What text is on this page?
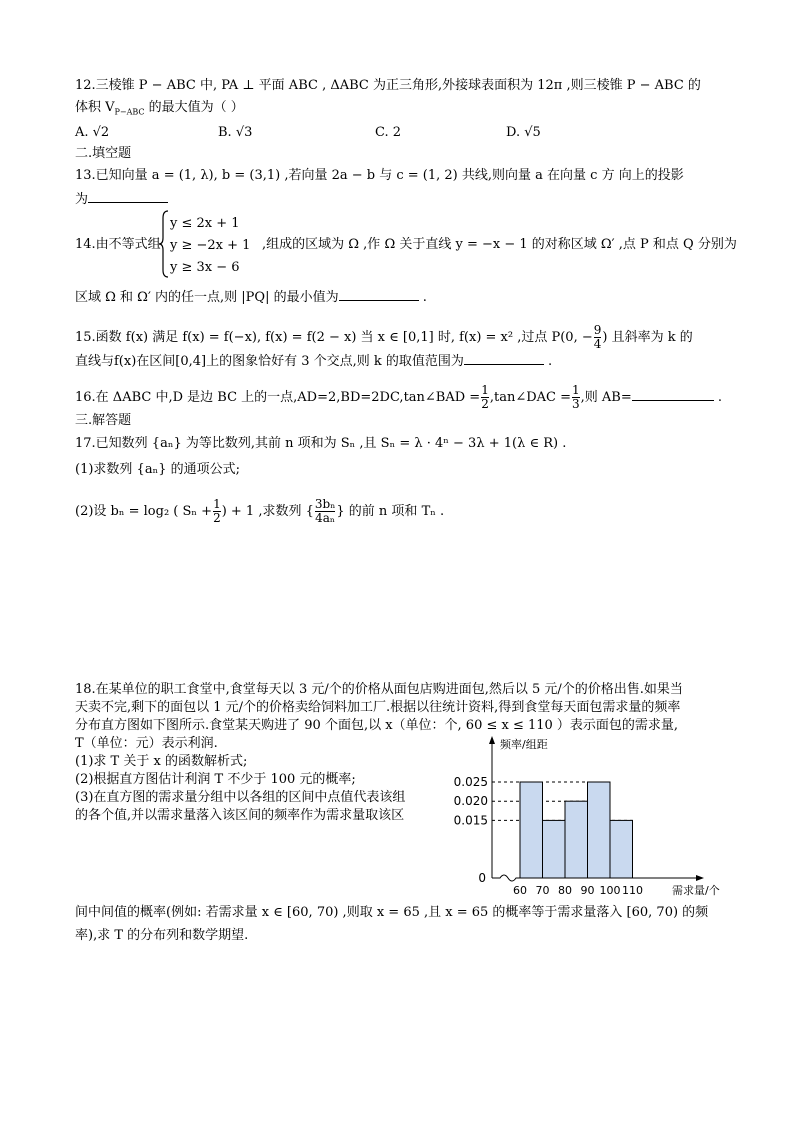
12.三棱锥 P − ABC 中, PA ⊥ 平面 ABC , ΔABC 为正三角形,外接球表面积为 12π ,则三棱锥 P − ABC 的
体积 $V_{P-ABC}$ 的最大值为（ ）
A. √2	B. √3	C. 2	D. √5
二.填空题
13.已知向量 a = (1, λ), b = (3,1) ,若向量 2a − b 与 c = (1, 2) 共线,则向量 a 在向量 c 方 向上的投影
为
14.由不等式组
y ≤ 2x + 1
y ≥ −2x + 1
y ≥ 3x − 6
,组成的区域为 Ω ,作 Ω 关于直线 y = −x − 1 的对称区域 Ω′ ,点 P 和点 Q 分别为
区域 Ω 和 Ω′ 内的任一点,则 |PQ| 的最小值为	.
15.函数 f(x) 满足 f(x) = f(−x), f(x) = f(2 − x) 当 x ∈ [0,1] 时, f(x) = x² ,过点 P(0, − $\frac{9}{4}$ ) 且斜率为 k 的
直线与f(x)在区间[0,4]上的图象恰好有 3 个交点,则 k 的取值范围为	.
16.在 ΔABC 中,D 是边 BC 上的一点,AD=2,BD=2DC,tan∠BAD = $\frac{1}{2}$ ,tan∠DAC = $\frac{1}{3}$ ,则 AB=	.
三.解答题
17.已知数列 {aₙ} 为等比数列,其前 n 项和为 Sₙ ,且 Sₙ = λ · 4ⁿ − 3λ + 1(λ ∈ R) .
(1)求数列 {aₙ} 的通项公式;
(2)设 bₙ = log₂ ( $S_n + \frac{1}{2}$ ) + 1 ,求数列 { $\frac{\text{3bₙ}}{\text{4aₙ}}$ } 的前 n 项和 Tₙ .
18.在某单位的职工食堂中,食堂每天以 3 元/个的价格从面包店购进面包,然后以 5 元/个的价格出售.如果当
天卖不完,剩下的面包以 1 元/个的价格卖给饲料加工厂.根据以往统计资料,得到食堂每天面包需求量的频率
分布直方图如下图所示.食堂某天购进了 90 个面包,以 x（单位：个, 60 ≤ x ≤ 110 ）表示面包的需求量,
T（单位：元）表示利润.
(1)求 T 关于 x 的函数解析式;
(2)根据直方图估计利润 T 不少于 100 元的概率;
(3)在直方图的需求量分组中以各组的区间中点值代表该组
的各个值,并以需求量落入该区间的频率作为需求量取该区
间中间值的概率(例如: 若需求量 x ∈ [60, 70) ,则取 x = 65 ,且 x = 65 的概率等于需求量落入 [60, 70) 的频
率),求 T 的分布列和数学期望.
0.025
0.020
0.015
0
60 70 80 90 100 110
频率/组距
需求量/个
